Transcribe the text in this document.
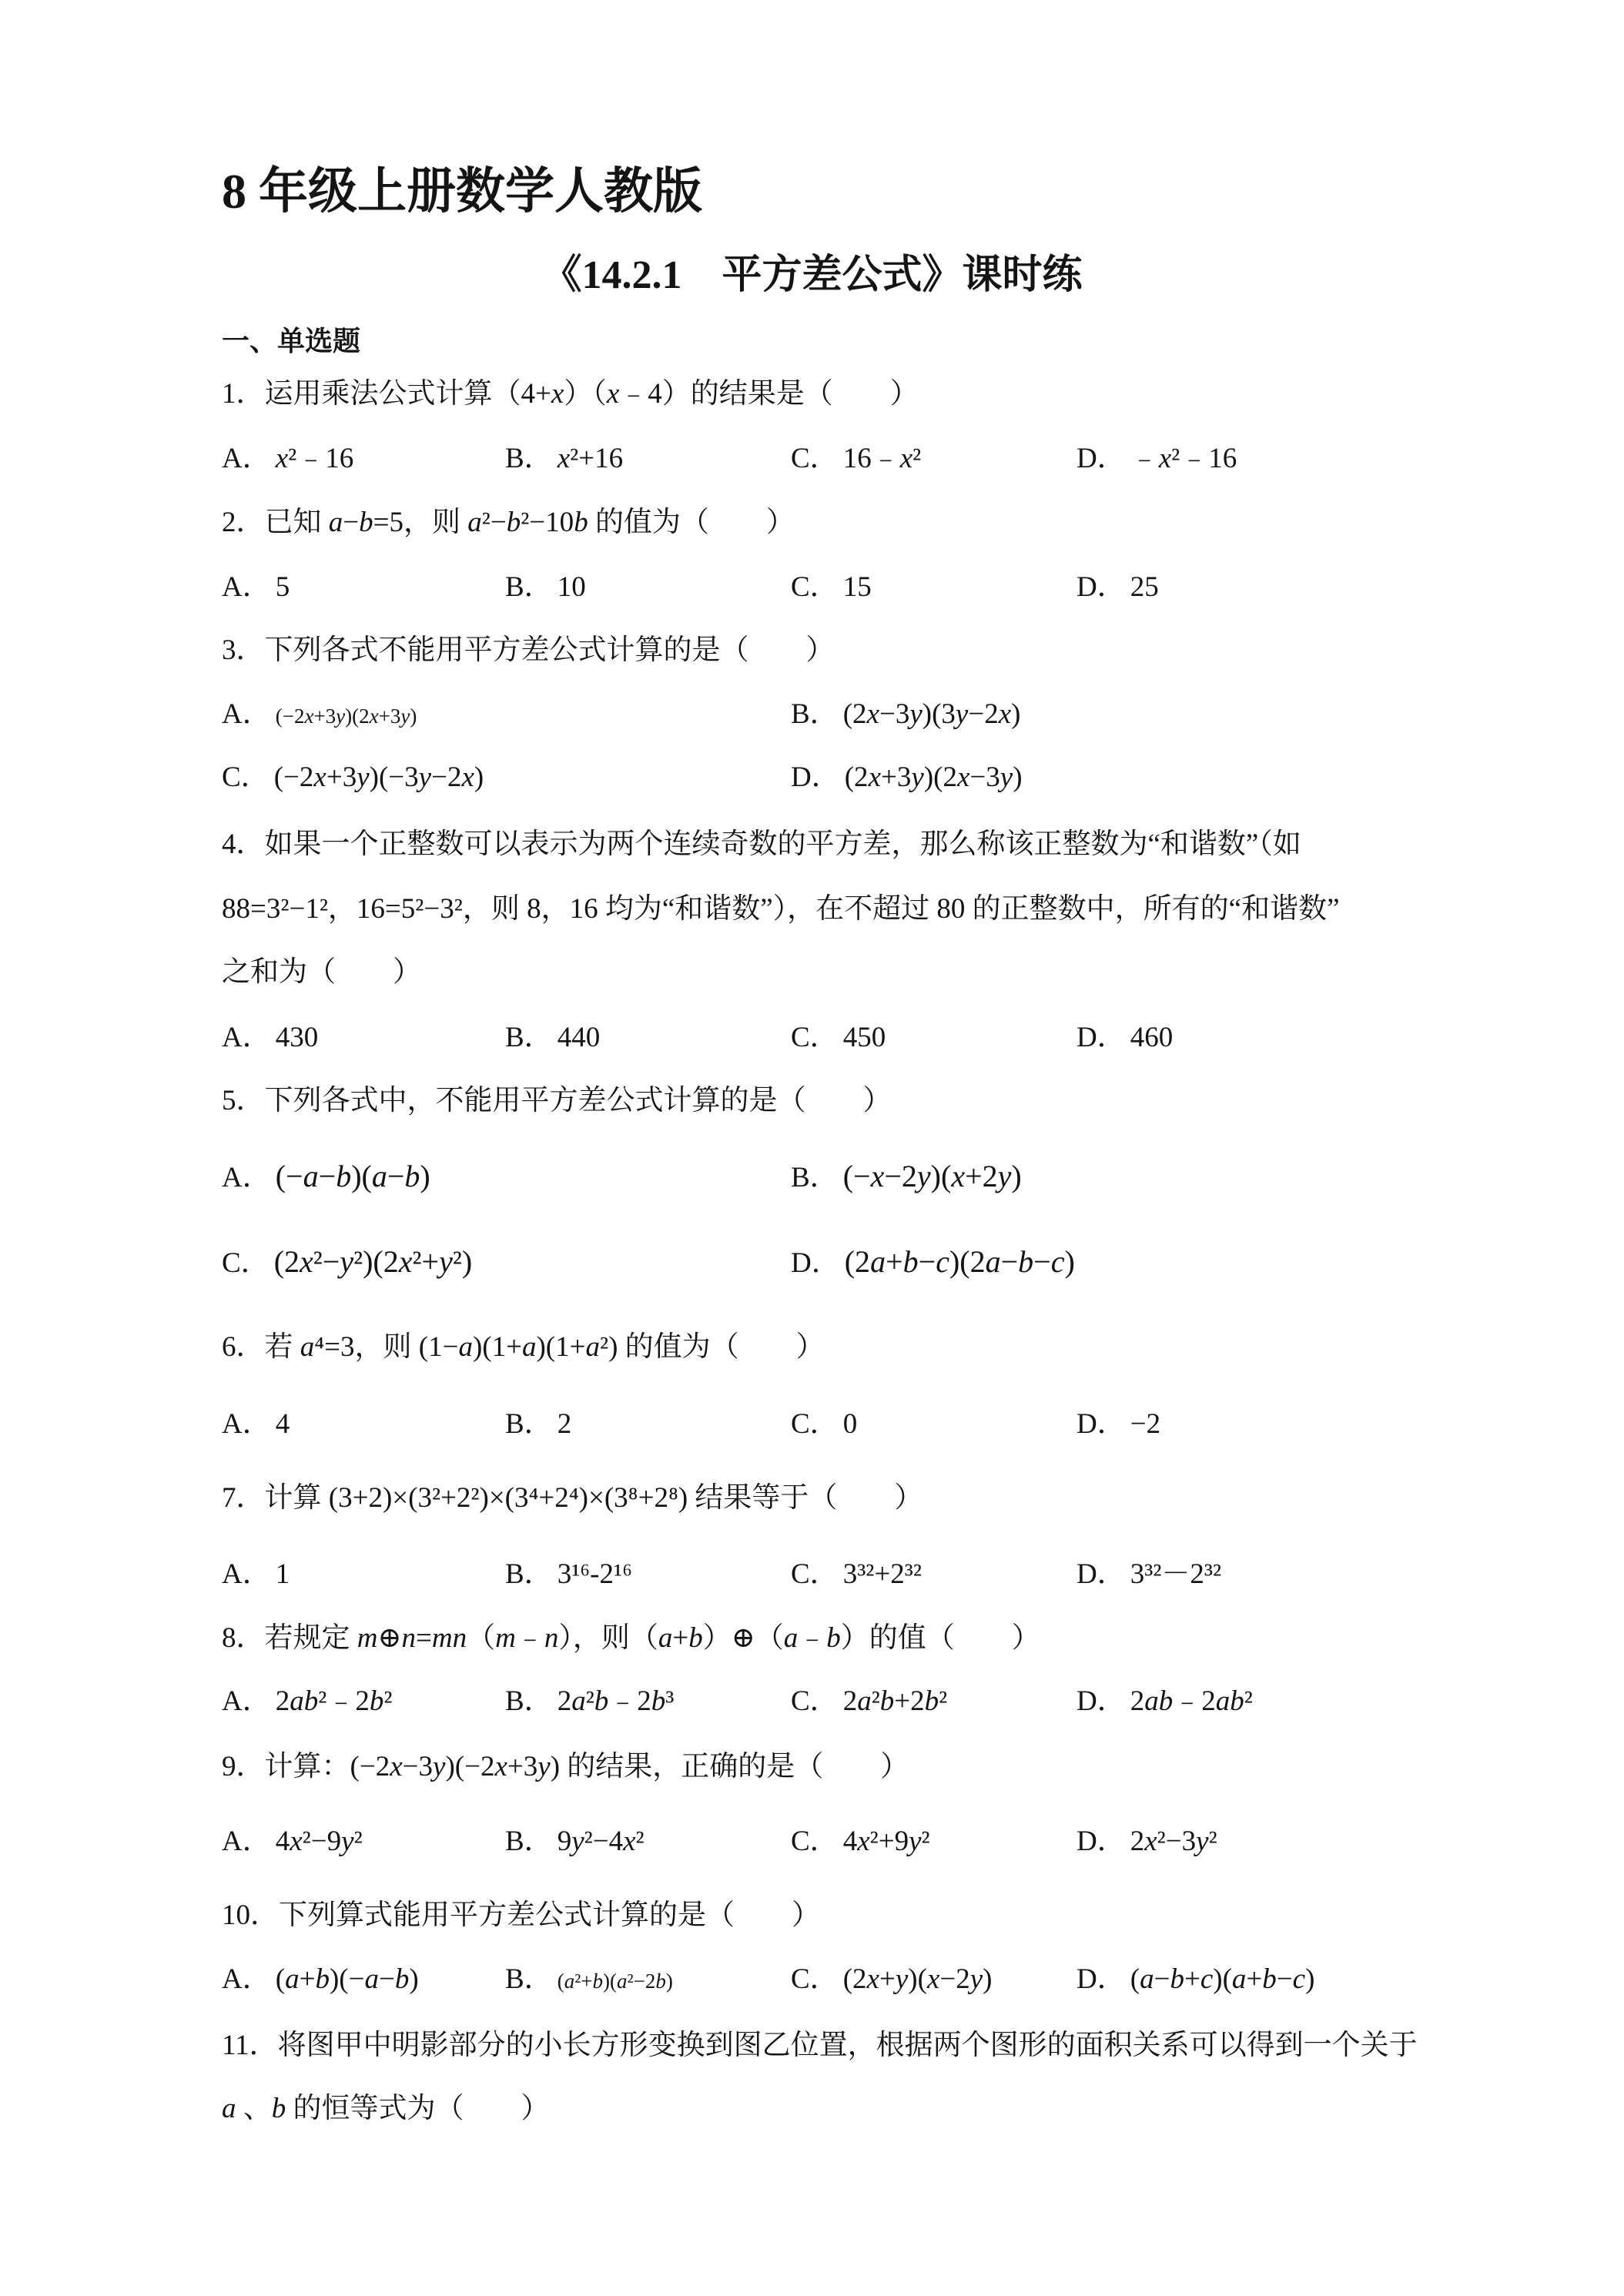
8 年级上册数学人教版
《14.2.1　平方差公式》课时练
一、单选题
1．运用乘法公式计算（4+x）（x﹣4）的结果是（　　）
A． x²﹣16	B． x²+16	C． 16﹣x²	D． ﹣x²﹣16
2．已知 a−b=5，则 a²−b²−10b 的值为（　　）
A． 5	B． 10	C． 15	D． 25
3．下列各式不能用平方差公式计算的是（　　）
A． (−2x+3y)(2x+3y)	B． (2x−3y)(3y−2x)
C． (−2x+3y)(−3y−2x)	D． (2x+3y)(2x−3y)
4．如果一个正整数可以表示为两个连续奇数的平方差，那么称该正整数为“和谐数”（如
88=3²−1²，16=5²−3²，则 8，16 均为“和谐数”），在不超过 80 的正整数中，所有的“和谐数”
之和为（　　）
A． 430	B． 440	C． 450	D． 460
5．下列各式中，不能用平方差公式计算的是（　　）
A． (−a−b)(a−b)	B． (−x−2y)(x+2y)
C． (2x²−y²)(2x²+y²)	D． (2a+b−c)(2a−b−c)
6．若 a⁴=3，则 (1−a)(1+a)(1+a²) 的值为（　　）
A． 4	B． 2	C． 0	D． −2
7．计算 (3+2)×(3²+2²)×(3⁴+2⁴)×(3⁸+2⁸) 结果等于（　　）
A． 1	B． 3¹⁶-2¹⁶	C． 3³²+2³²	D． 3³²－2³²
8．若规定 m⊕n=mn（m﹣n），则（a+b）⊕（a﹣b）的值（　　）
A． 2ab²﹣2b²	B． 2a²b﹣2b³	C． 2a²b+2b²	D． 2ab﹣2ab²
9．计算：(−2x−3y)(−2x+3y) 的结果，正确的是（　　）
A． 4x²−9y²	B． 9y²−4x²	C． 4x²+9y²	D． 2x²−3y²
10．下列算式能用平方差公式计算的是（　　）
A． (a+b)(−a−b)	B． (a²+b)(a²−2b)	C． (2x+y)(x−2y)	D． (a−b+c)(a+b−c)
11．将图甲中明影部分的小长方形变换到图乙位置，根据两个图形的面积关系可以得到一个关于
a 、b 的恒等式为（　　）
